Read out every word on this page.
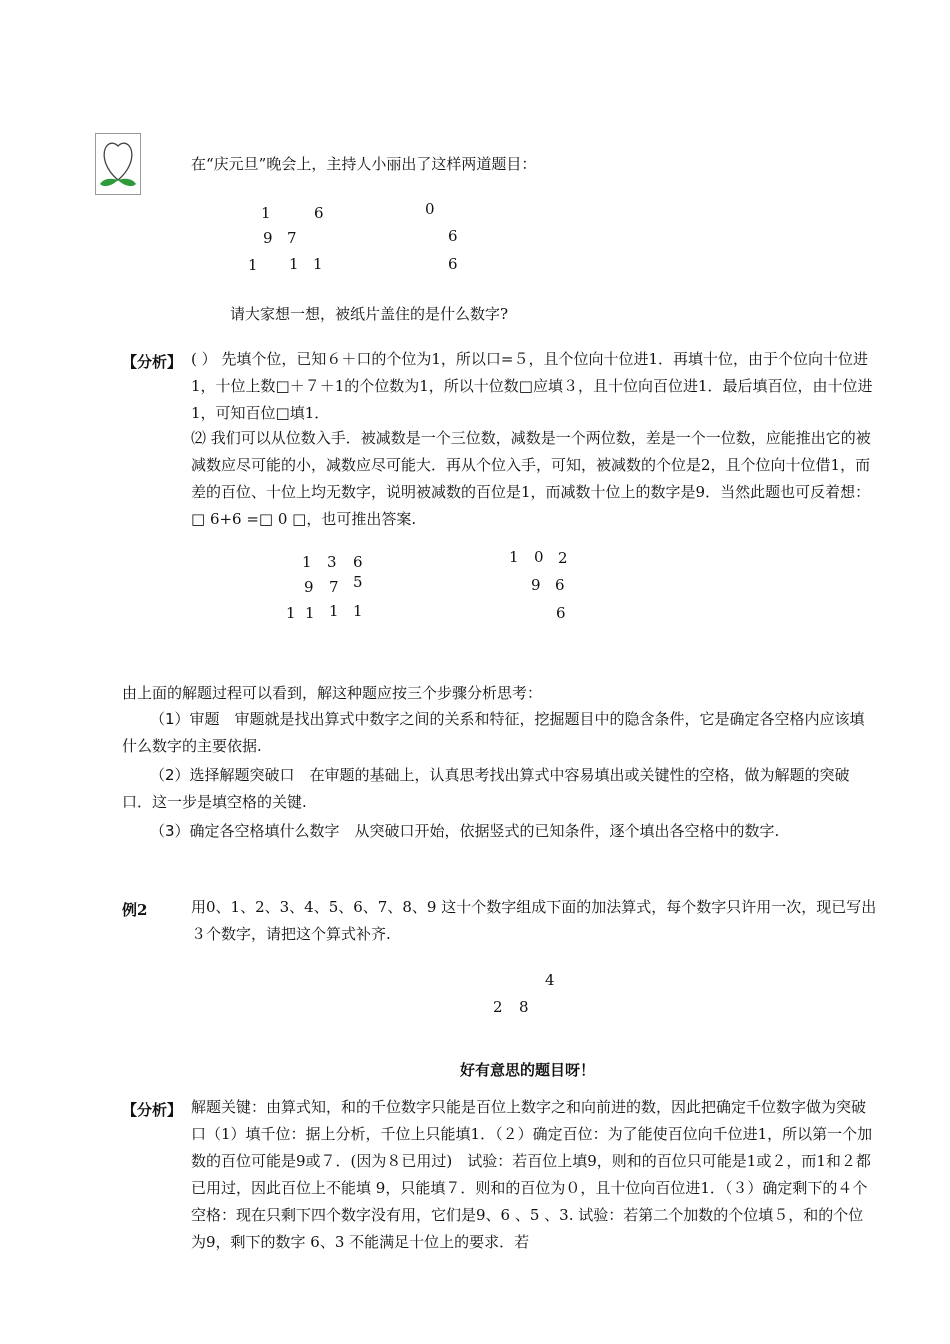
在“庆元旦”晚会上，主持人小丽出了这样两道题目：
1	6
9 7
1 1 1
0
6
6
请大家想一想，被纸片盖住的是什么数字?
【分析】 ( ） 先填个位，已知６＋口的个位为1，所以口=５，且个位向十位进1．再填十位，由于个位向十位进1，十位上数□＋７＋1的个位数为1，所以十位数□应填３，且十位向百位进1．最后填百位，由十位进1，可知百位□填1．
⑵ 我们可以从位数入手．被减数是一个三位数，减数是一个两位数，差是一个一位数，应能推出它的被减数应尽可能的小，减数应尽可能大．再从个位入手，可知，被减数的个位是2，且个位向十位借1，而差的百位、十位上均无数字，说明被减数的百位是1，而减数十位上的数字是9．当然此题也可反着想：□ 6+6 =□ 0 □，也可推出答案.
1 3 6
9 7 5
1 1 1 1
1 0 2
9 6
6
由上面的解题过程可以看到，解这种题应按三个步骤分析思考：
（1）审题　审题就是找出算式中数字之间的关系和特征，挖掘题目中的隐含条件，它是确定各空格内应该填什么数字的主要依据.
（2）选择解题突破口　在审题的基础上，认真思考找出算式中容易填出或关键性的空格，做为解题的突破口．这一步是填空格的关键.
（3）确定各空格填什么数字　从突破口开始，依据竖式的已知条件，逐个填出各空格中的数字.
例2	用0、1、2、3、4、5、6、7、8、9 这十个数字组成下面的加法算式，每个数字只许用一次，现已写出３个数字，请把这个算式补齐.
4
2 8
好有意思的题目呀！
【分析】 解题关键：由算式知，和的千位数字只能是百位上数字之和向前进的数，因此把确定千位数字做为突破口（1）填千位：据上分析，千位上只能填1．（２）确定百位：为了能使百位向千位进1，所以第一个加数的百位可能是9或７．(因为８已用过)　试验：若百位上填9，则和的百位只可能是1或２，而1和２都已用过，因此百位上不能填 9，只能填７．则和的百位为０，且十位向百位进1．（３）确定剩下的４个空格：现在只剩下四个数字没有用，它们是9、6 、5 、3. 试验：若第二个加数的个位填５，和的个位为9，剩下的数字 6、3 不能满足十位上的要求．若
